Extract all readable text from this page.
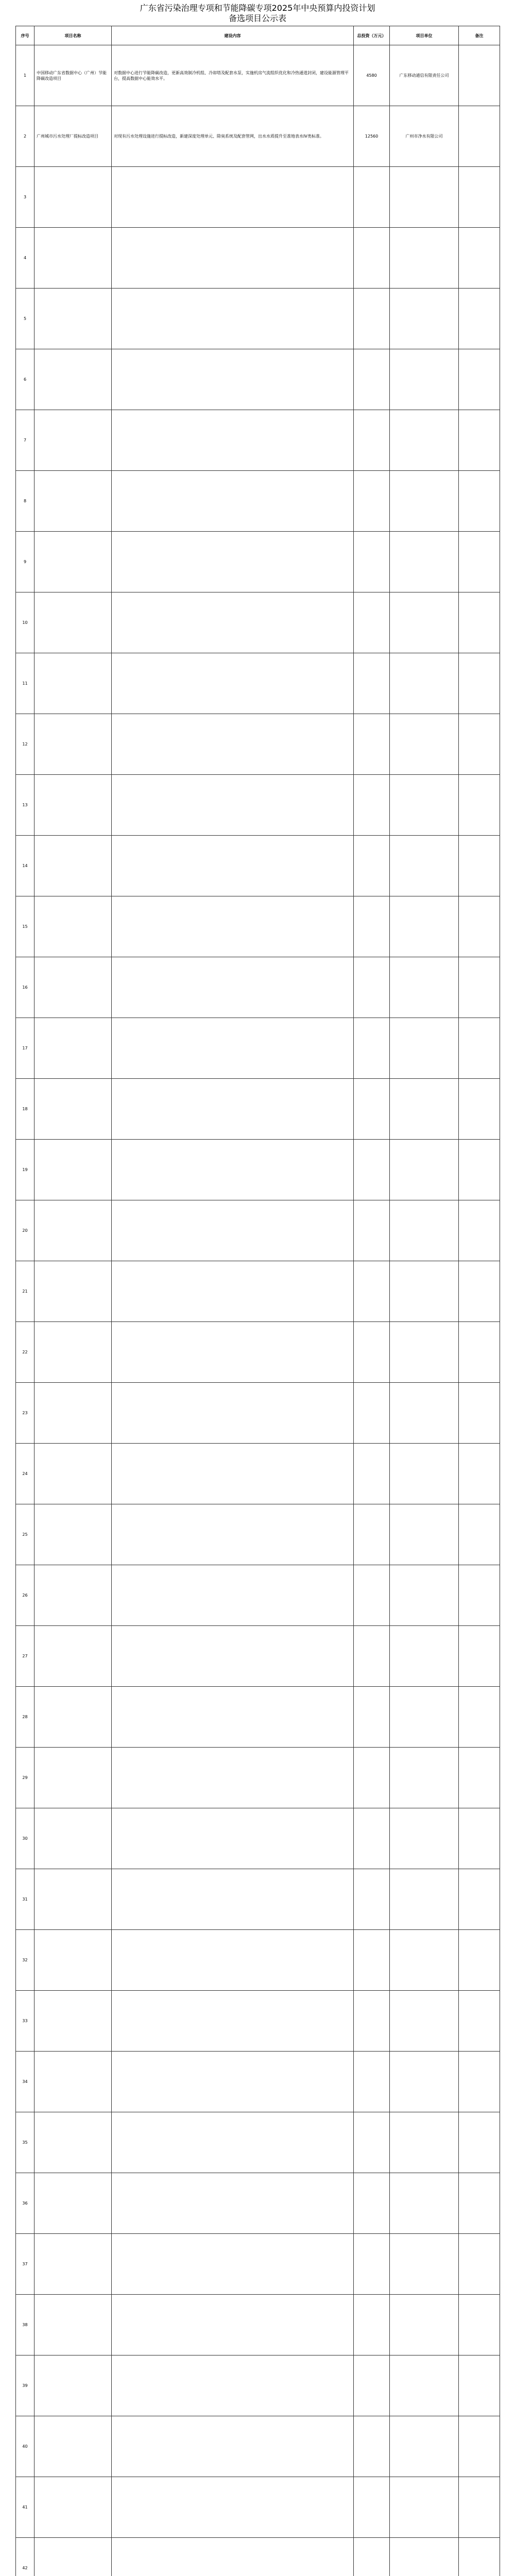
广东省污染治理专项和节能降碳专项2025年中央预算内投资计划
备选项目公示表
序号	项目名称	建设内容	总投资（万元）	项目单位	备注
1	中国移动广东省数据中心（广州）节能降碳改造项目	对数据中心进行节能降碳改造，更新高效制冷机组、冷却塔及配套水泵，实施机房气流组织优化和冷热通道封闭，建设能源管理平台，提高数据中心能效水平。	4580	广东移动通信有限责任公司	
2	广州城市污水处理厂提标改造项目	对现有污水处理设施进行提标改造，新建深度处理单元、除臭系统及配套管网，出水水质提升至准地表水IV类标准。	12560	广州市净水有限公司	
3					
4					
5					
6					
7					
8					
9					
10					
11					
12					
13					
14					
15					
16					
17					
18					
19					
20					
21					
22					
23					
24					
25					
26					
27					
28					
29					
30					
31					
32					
33					
34					
35					
36					
37					
38					
39					
40					
41					
42					
